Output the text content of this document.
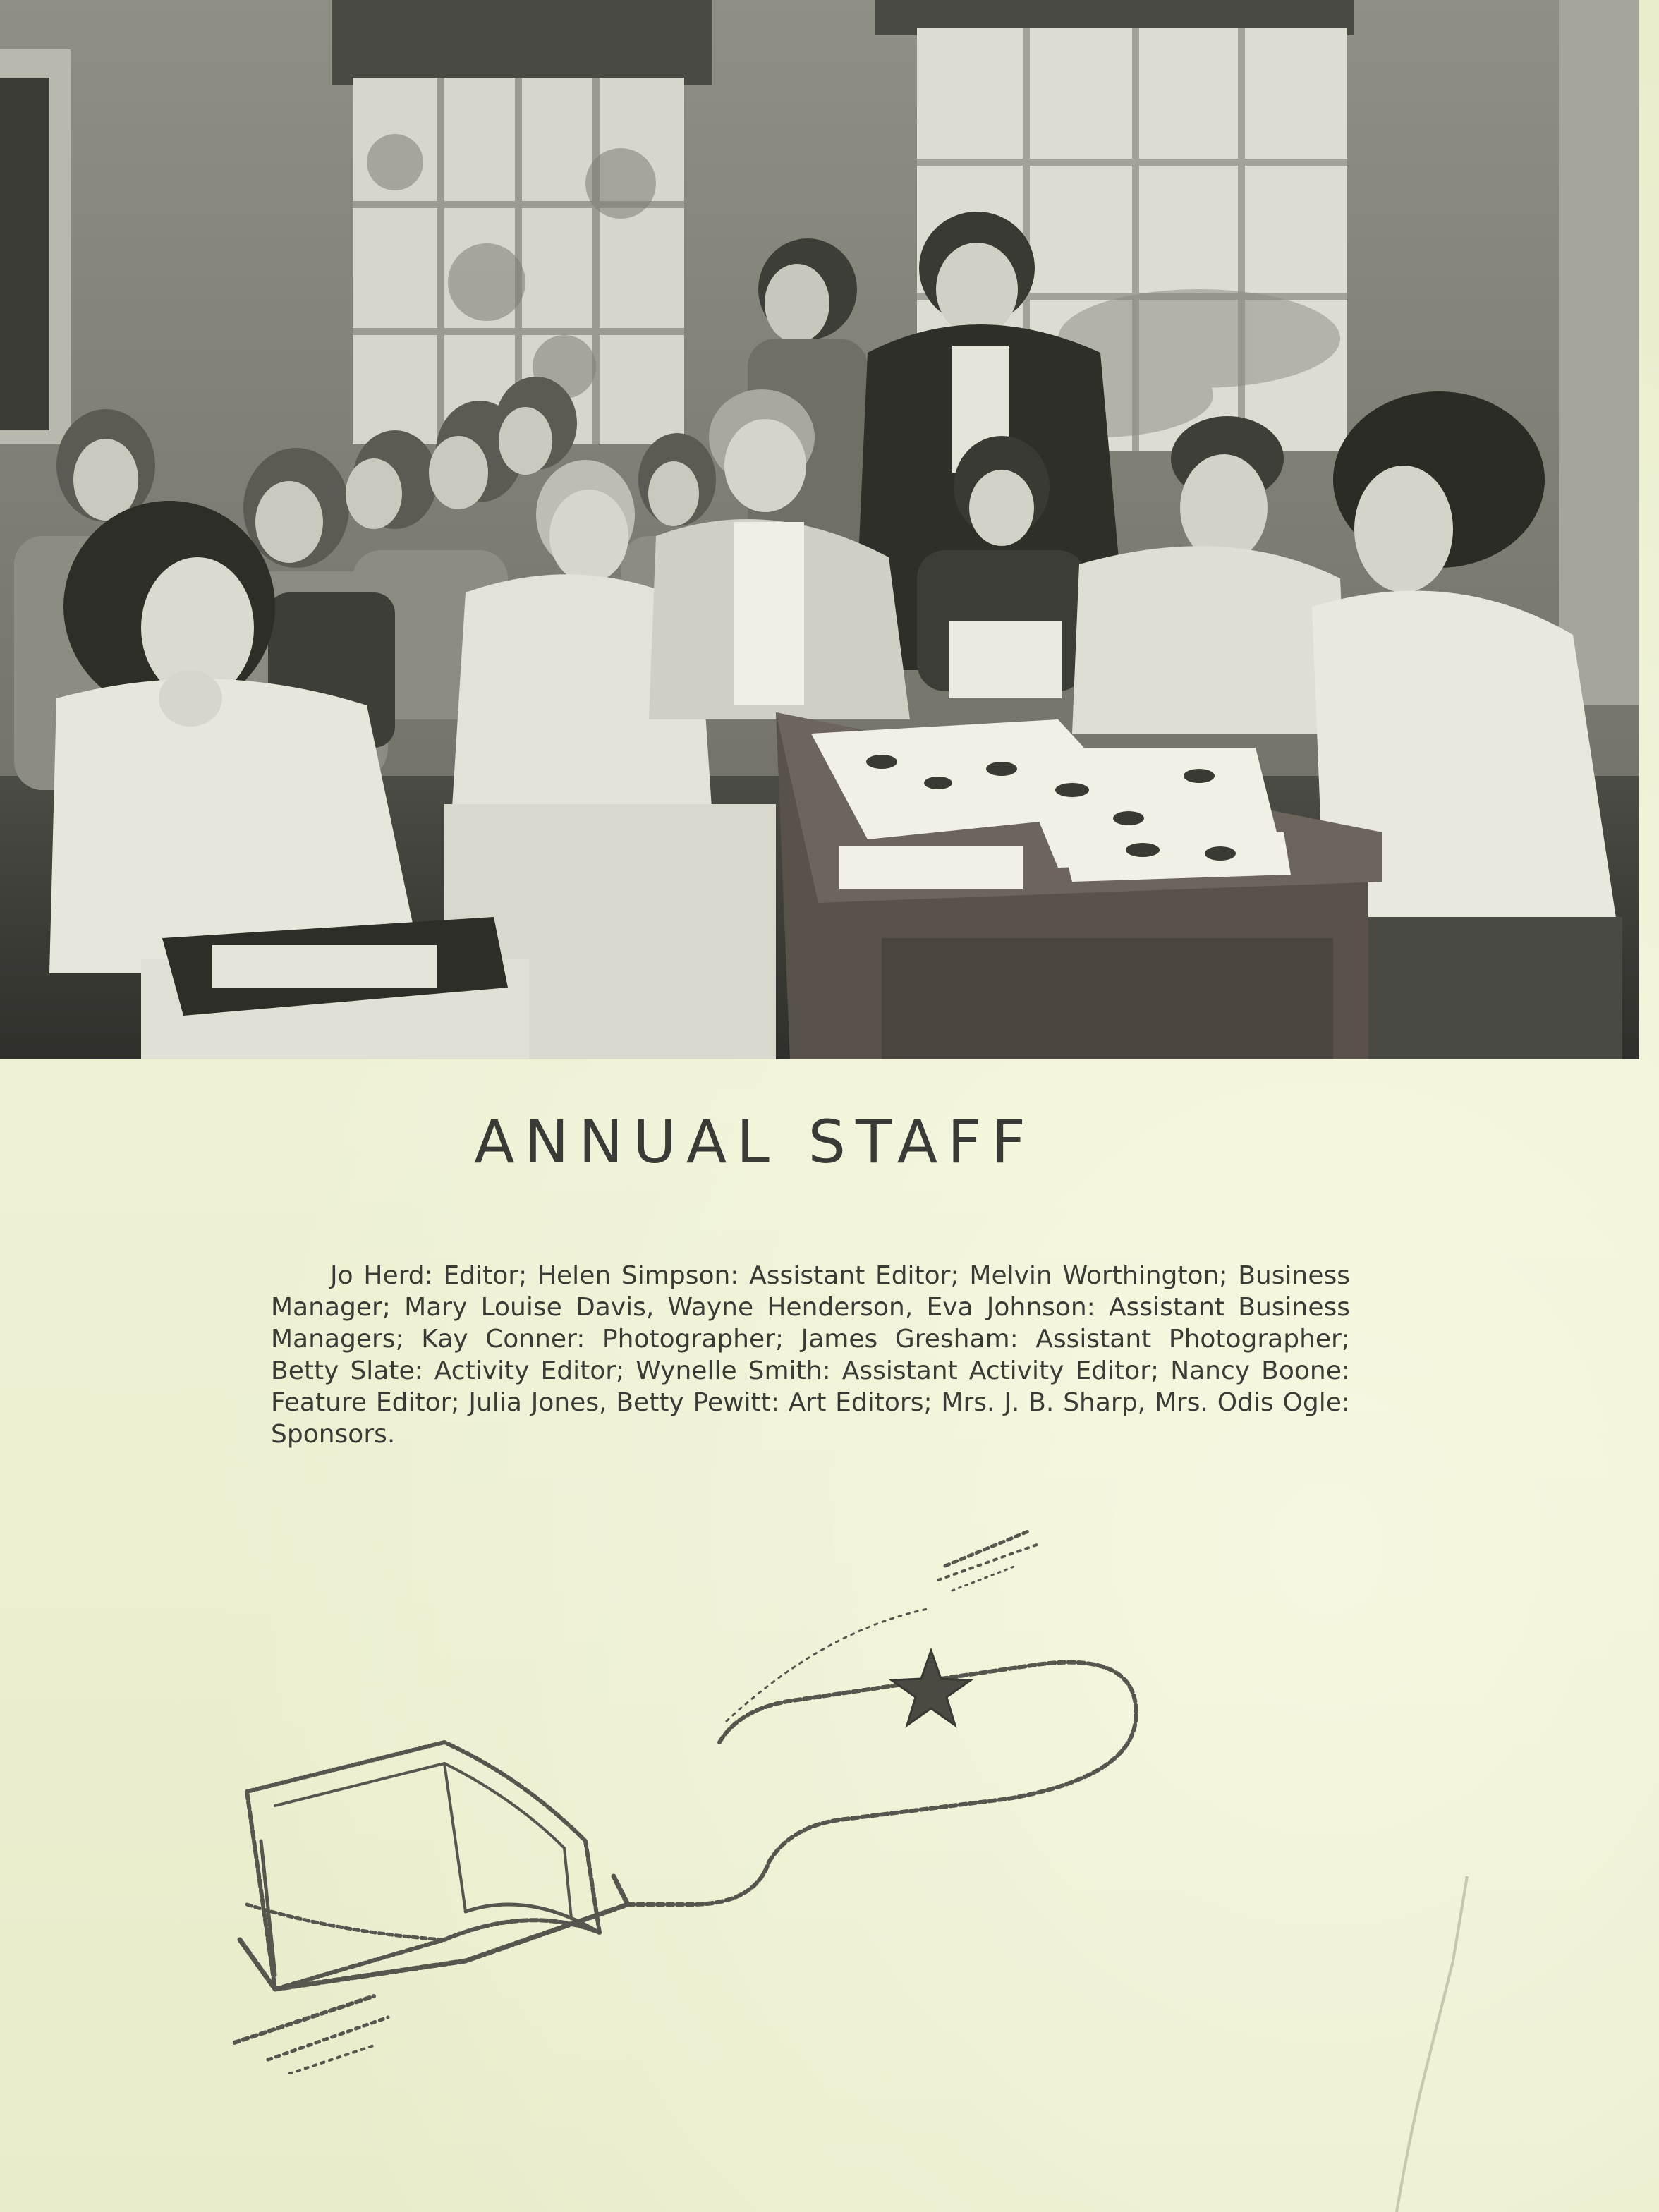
ANNUAL STAFF

Jo Herd: Editor; Helen Simpson: Assistant Editor; Melvin Worthington; Business Manager; Mary Louise Davis, Wayne Henderson, Eva Johnson: Assistant Business Managers; Kay Conner: Photographer; James Gresham: Assistant Photographer; Betty Slate: Activity Editor; Wynelle Smith: Assistant Activity Editor; Nancy Boone: Feature Editor; Julia Jones, Betty Pewitt: Art Editors; Mrs. J. B. Sharp, Mrs. Odis Ogle: Sponsors.
